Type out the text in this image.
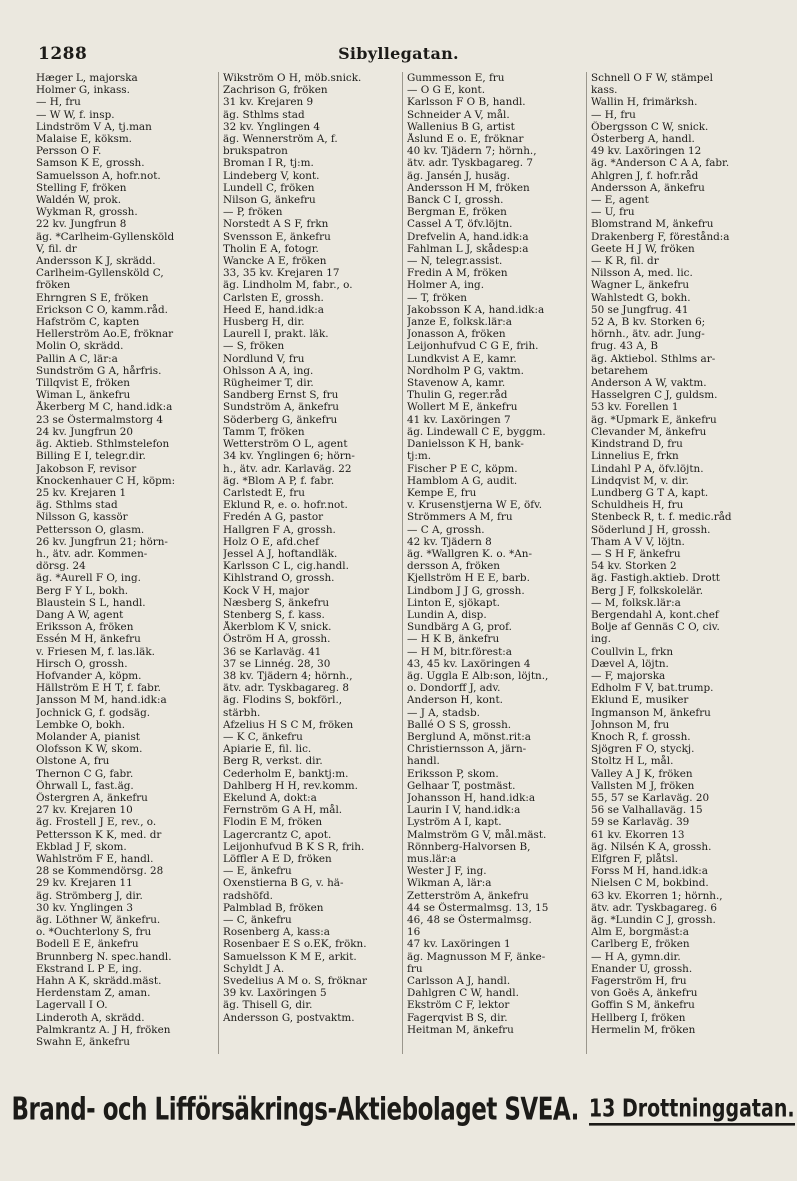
1288	Sibyllegatan.
Hæger L, majorska
Holmer G, inkass.
— H, fru
— W W, f. insp.
Lindström V A, tj.man
Malaise E, köksm.
Persson O F.
Samson K E, grossh.
Samuelsson A, hofr.not.
Stelling F, fröken
Waldén W, prok.
Wykman R, grossh.
22 kv. Jungfrun 8
äg. *Carlheim-Gyllensköld
V, fil. dr
Andersson K J, skrädd.
Carlheim-Gyllensköld C,
fröken
Ehrngren S E, fröken
Erickson C O, kamm.råd.
Hafström C, kapten
Hellerström Ao.E, fröknar
Molin O, skrädd.
Pallin A C, lär:a
Sundström G A, hårfris.
Tillqvist E, fröken
Wiman L, änkefru
Åkerberg M C, hand.idk:a
23 se Östermalmstorg 4
24 kv. Jungfrun 20
äg. Aktieb. Sthlmstelefon
Billing E I, telegr.dir.
Jakobson F, revisor
Knockenhauer C H, köpm:
25 kv. Krejaren 1
äg. Sthlms stad
Nilsson G, kassör
Pettersson O, glasm.
26 kv. Jungfrun 21; hörn-
h., ätv. adr. Kommen-
dörsg. 24
äg. *Aurell F O, ing.
Berg F Y L, bokh.
Blaustein S L, handl.
Dang A W, agent
Eriksson A, fröken
Essén M H, änkefru
v. Friesen M, f. las.läk.
Hirsch O, grossh.
Hofvander A, köpm.
Hällström E H T, f. fabr.
Jansson M M, hand.idk:a
Jochnick G, f. godsäg.
Lembke O, bokh.
Molander A, pianist
Olofsson K W, skom.
Olstone A, fru
Thernon C G, fabr.
Öhrwall L, fast.äg.
Östergren A, änkefru
27 kv. Krejaren 10
äg. Frostell J E, rev., o.
Pettersson K K, med. dr
Ekblad J F, skom.
Wahlström F E, handl.
28 se Kommendörsg. 28
29 kv. Krejaren 11
äg. Strömberg J, dir.
30 kv. Ynglingen 3
äg. Löthner W, änkefru.
o. *Ouchterlony S, fru
Bodell E E, änkefru
Brunnberg N. spec.handl.
Ekstrand L P E, ing.
Hahn A K, skrädd.mäst.
Herdenstam Z, aman.
Lagervall I O.
Linderoth A, skrädd.
Palmkrantz A. J H, fröken
Swahn E, änkefru
Wikström O H, möb.snick.
Zachrison G, fröken
31 kv. Krejaren 9
äg. Sthlms stad
32 kv. Ynglingen 4
äg. Wennerström A, f.
brukspatron
Broman I R, tj:m.
Lindeberg V, kont.
Lundell C, fröken
Nilson G, änkefru
— P, fröken
Norstedt A S F, frkn
Svensson E, änkefru
Tholin E A, fotogr.
Wancke A E, fröken
33, 35 kv. Krejaren 17
äg. Lindholm M, fabr., o.
Carlsten E, grossh.
Heed E, hand.idk:a
Husberg H, dir.
Laurell I, prakt. läk.
— S, fröken
Nordlund V, fru
Ohlsson A A, ing.
Rügheimer T, dir.
Sandberg Ernst S, fru
Sundström A, änkefru
Söderberg G, änkefru
Tamm T, fröken
Wetterström O L, agent
34 kv. Ynglingen 6; hörn-
h., ätv. adr. Karlaväg. 22
äg. *Blom A P, f. fabr.
Carlstedt E, fru
Eklund R, e. o. hofr.not.
Fredén A G, pastor
Hallgren F A, grossh.
Holz O E, afd.chef
Jessel A J, hoftandläk.
Karlsson C L, cig.handl.
Kihlstrand O, grossh.
Kock V H, major
Næsberg S, änkefru
Stenberg S, f. kass.
Åkerblom K V, snick.
Öström H A, grossh.
36 se Karlaväg. 41
37 se Linnég. 28, 30
38 kv. Tjädern 4; hörnh.,
ätv. adr. Tyskbagareg. 8
äg. Flodins S, bokförl.,
stärbh.
Afzelius H S C M, fröken
— K C, änkefru
Apiarie E, fil. lic.
Berg R, verkst. dir.
Cederholm E, banktj:m.
Dahlberg H H, rev.komm.
Ekelund A, dokt:a
Fernström G A H, mål.
Flodin E M, fröken
Lagercrantz C, apot.
Leijonhufvud B K S R, frih.
Löffler A E D, fröken
— E, änkefru
Oxenstierna B G, v. hä-
radshöfd.
Palmblad B, fröken
— C, änkefru
Rosenberg A, kass:a
Rosenbaer E S o.EK, frökn.
Samuelsson K M E, arkit.
Schyldt J A.
Svedelius A M o. S, fröknar
39 kv. Laxöringen 5
äg. Thisell G, dir.
Andersson G, postvaktm.
Gummesson E, fru
— O G E, kont.
Karlsson F O B, handl.
Schneider A V, mål.
Wallenius B G, artist
Åslund E o. E, fröknar
40 kv. Tjädern 7; hörnh.,
ätv. adr. Tyskbagareg. 7
äg. Jansén J, husäg.
Andersson H M, fröken
Banck C I, grossh.
Bergman E, fröken
Cassel A T, öfv.löjtn.
Drefvelin A, hand.idk:a
Fahlman L J, skådesp:a
— N, telegr.assist.
Fredin A M, fröken
Holmer A, ing.
— T, fröken
Jakobsson K A, hand.idk:a
Janze E, folksk.lär:a
Jonasson A, fröken
Leijonhufvud C G E, frih.
Lundkvist A E, kamr.
Nordholm P G, vaktm.
Stavenow A, kamr.
Thulin G, reger.råd
Wollert M E, änkefru
41 kv. Laxöringen 7
äg. Lindewall C E, byggm.
Danielsson K H, bank-
tj:m.
Fischer P E C, köpm.
Hamblom A G, audit.
Kempe E, fru
v. Krusenstjerna W E, öfv.
Strömmers A M, fru
— C A, grossh.
42 kv. Tjädern 8
äg. *Wallgren K. o. *An-
dersson A, fröken
Kjellström H E E, barb.
Lindbom J J G, grossh.
Linton E, sjökapt.
Lundin A, disp.
Sundbärg A G, prof.
— H K B, änkefru
— H M, bitr.förest:a
43, 45 kv. Laxöringen 4
äg. Uggla E Alb:son, löjtn.,
o. Dondorff J, adv.
Anderson H, kont.
— J A, stadsb.
Ballé O S S, grossh.
Berglund A, mönst.rit:a
Christiernsson A, järn-
handl.
Eriksson P, skom.
Gelhaar T, postmäst.
Johansson H, hand.idk:a
Laurin I V, hand.idk:a
Lyström A I, kapt.
Malmström G V, mål.mäst.
Rönnberg-Halvorsen B,
mus.lär:a
Wester J F, ing.
Wikman A, lär:a
Zetterström A, änkefru
44 se Östermalmsg. 13, 15
46, 48 se Östermalmsg.
16
47 kv. Laxöringen 1
äg. Magnusson M F, änke-
fru
Carlsson A J, handl.
Dahlgren C W, handl.
Ekström C F, lektor
Fagerqvist B S, dir.
Heitman M, änkefru
Schnell O F W, stämpel
kass.
Wallin H, frimärksh.
— H, fru
Öbergsson C W, snick.
Österberg A, handl.
49 kv. Laxöringen 12
äg. *Anderson C A A, fabr.
Ahlgren J, f. hofr.råd
Andersson A, änkefru
— E, agent
— U, fru
Blomstrand M, änkefru
Drakenberg F, förestånd:a
Geete H J W, fröken
— K R, fil. dr
Nilsson A, med. lic.
Wagner L, änkefru
Wahlstedt G, bokh.
50 se Jungfrug. 41
52 A, B kv. Storken 6;
hörnh., ätv. adr. Jung-
frug. 43 A, B
äg. Aktiebol. Sthlms ar-
betarehem
Anderson A W, vaktm.
Hasselgren C J, guldsm.
53 kv. Forellen 1
äg. *Upmark E, änkefru
Clevander M, änkefru
Kindstrand D, fru
Linnelius E, frkn
Lindahl P A, öfv.löjtn.
Lindqvist M, v. dir.
Lundberg G T A, kapt.
Schuldheis H, fru
Stenbeck R, t. f. medic.råd
Söderlund J H, grossh.
Tham A V V, löjtn.
— S H F, änkefru
54 kv. Storken 2
äg. Fastigh.aktieb. Drott
Berg J F, folkskolelär.
— M, folksk.lär:a
Bergendahl A, kont.chef
Bolje af Gennäs C O, civ.
ing.
Coullvin L, frkn
Dævel A, löjtn.
— F, majorska
Edholm F V, bat.trump.
Eklund E, musiker
Ingmanson M, änkefru
Johnson M, fru
Knoch R, f. grossh.
Sjögren F O, styckj.
Stoltz H L, mål.
Valley A J K, fröken
Vallsten M J, fröken
55, 57 se Karlaväg. 20
56 se Valhallaväg. 15
59 se Karlaväg. 39
61 kv. Ekorren 13
äg. Nilsén K A, grossh.
Elfgren F, plåtsl.
Forss M H, hand.idk:a
Nielsen C M, bokbind.
63 kv. Ekorren 1; hörnh.,
ätv. adr. Tyskbagareg. 6
äg. *Lundin C J, grossh.
Alm E, borgmäst:a
Carlberg E, fröken
— H A, gymn.dir.
Enander U, grossh.
Fagerström H, fru
von Goës A, änkefru
Goffin S M, änkefru
Hellberg I, fröken
Hermelin M, fröken
Brand- och Lifförsäkrings-Aktiebolaget SVEA. 13 Drottninggatan.
